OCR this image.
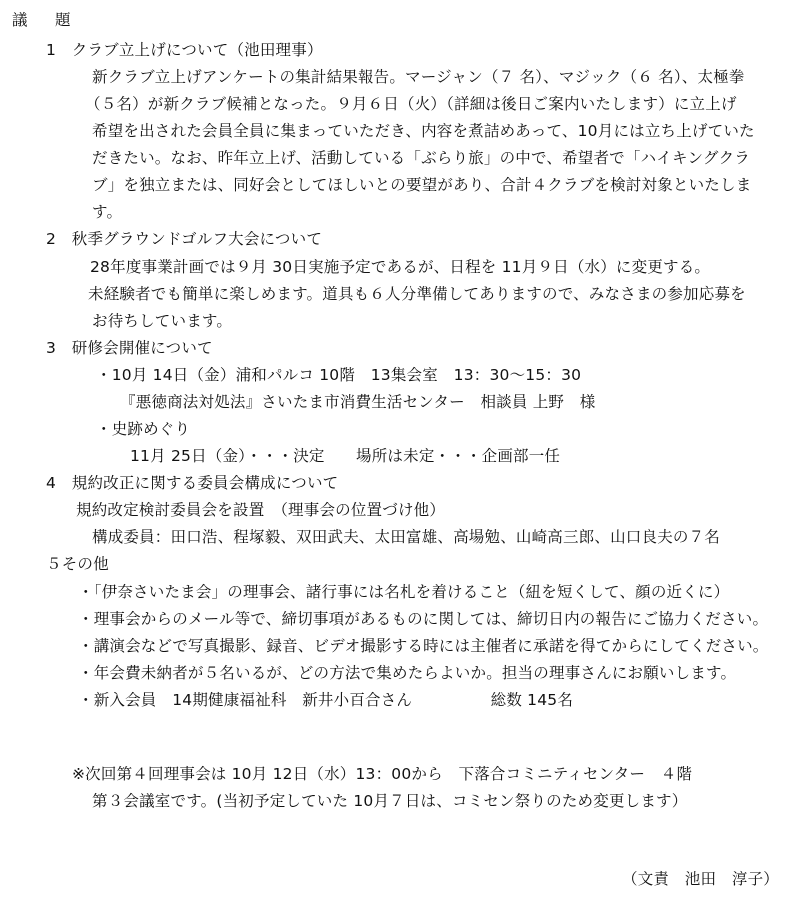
議　題
1　クラブ立上げについて（池田理事）
新クラブ立上げアンケートの集計結果報告。マージャン（７ 名）、マジック（６ 名）、太極拳
（５名）が新クラブ候補となった。９月６日（火）（詳細は後日ご案内いたします）に立上げ
希望を出された会員全員に集まっていただき、内容を煮詰めあって、10月には立ち上げていた
だきたい。なお、昨年立上げ、活動している「ぶらり旅」の中で、希望者で「ハイキングクラ
ブ」を独立または、同好会としてほしいとの要望があり、合計４クラブを検討対象といたしま
す。
2　秋季グラウンドゴルフ大会について
28年度事業計画では９月 30日実施予定であるが、日程を 11月９日（水）に変更する。
未経験者でも簡単に楽しめます。道具も６人分準備してありますので、みなさまの参加応募を
お待ちしています。
3　研修会開催について
・10月 14日（金）浦和パルコ 10階　13集会室　13：30～15：30
『悪徳商法対処法』さいたま市消費生活センター　相談員 上野　様
・史跡めぐり
11月 25日（金）・・・決定　　場所は未定・・・企画部一任
4　規約改正に関する委員会構成について
規約改定検討委員会を設置　（理事会の位置づけ他）
構成委員：田口浩、程塚毅、双田武夫、太田富雄、高場勉、山崎高三郎、山口良夫の７名
５その他
・「伊奈さいたま会」の理事会、諸行事には名札を着けること（紐を短くして、顔の近くに）
・理事会からのメール等で、締切事項があるものに関しては、締切日内の報告にご協力ください。
・講演会などで写真撮影、録音、ビデオ撮影する時には主催者に承諾を得てからにしてください。
・年会費未納者が５名いるが、どの方法で集めたらよいか。担当の理事さんにお願いします。
・新入会員　14期健康福祉科　新井小百合さん　　　　　総数 145名
※次回第４回理事会は 10月 12日（水）13：00から　下落合コミニティセンター　４階
第３会議室です。(当初予定していた 10月７日は、コミセン祭りのため変更します）
（文責　池田　淳子）
